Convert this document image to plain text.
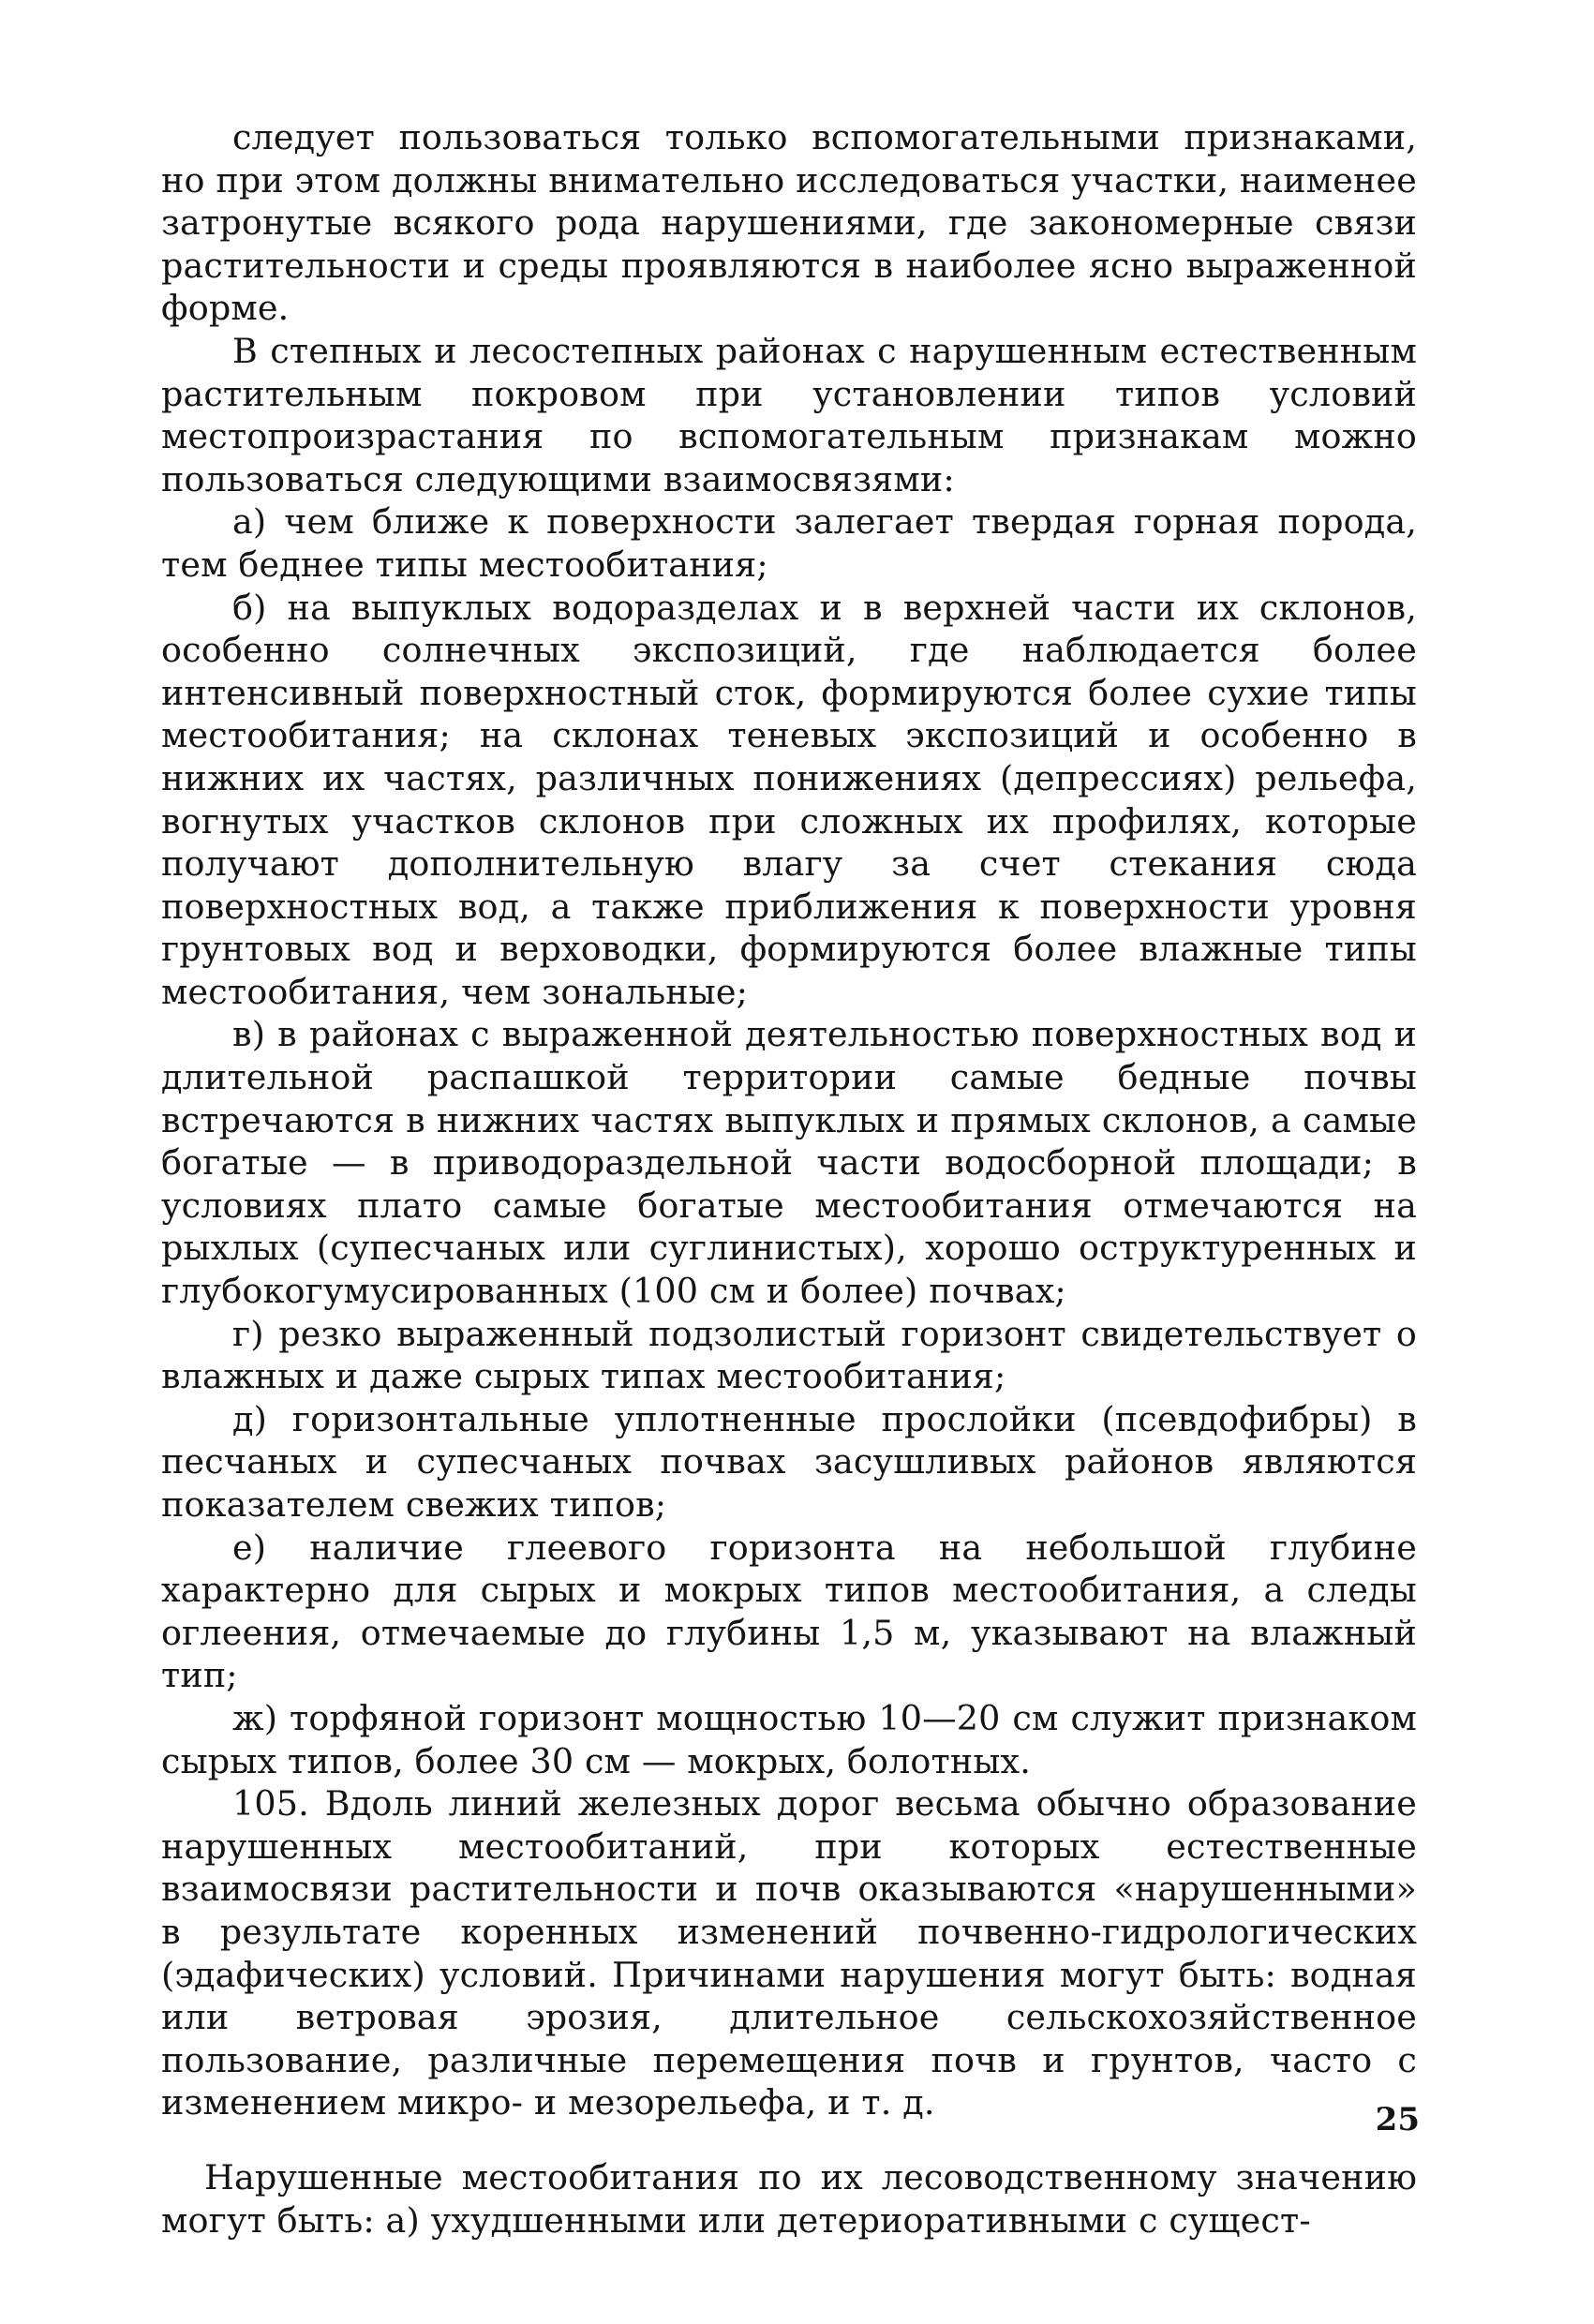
следует пользоваться только вспомогательными признаками, но при этом должны внимательно исследоваться участки, наименее затронутые всякого рода нарушениями, где закономерные связи растительности и среды проявляются в наиболее ясно выраженной форме.

В степных и лесостепных районах с нарушенным естественным растительным покровом при установлении типов условий местопроизрастания по вспомогательным признакам можно пользоваться следующими взаимосвязями:

а) чем ближе к поверхности залегает твердая горная порода, тем беднее типы местообитания;

б) на выпуклых водоразделах и в верхней части их склонов, особенно солнечных экспозиций, где наблюдается более интенсивный поверхностный сток, формируются более сухие типы местообитания; на склонах теневых экспозиций и особенно в нижних их частях, различных понижениях (депрессиях) рельефа, вогнутых участков склонов при сложных их профилях, которые получают дополнительную влагу за счет стекания сюда поверхностных вод, а также приближения к поверхности уровня грунтовых вод и верховодки, формируются более влажные типы местообитания, чем зональные;

в) в районах с выраженной деятельностью поверхностных вод и длительной распашкой территории самые бедные почвы встречаются в нижних частях выпуклых и прямых склонов, а самые богатые — в приводораздельной части водосборной площади; в условиях плато самые богатые местообитания отмечаются на рыхлых (супесчаных или суглинистых), хорошо оструктуренных и глубокогумусированных (100 см и более) почвах;

г) резко выраженный подзолистый горизонт свидетельствует о влажных и даже сырых типах местообитания;

д) горизонтальные уплотненные прослойки (псевдофибры) в песчаных и супесчаных почвах засушливых районов являются показателем свежих типов;

е) наличие глеевого горизонта на небольшой глубине характерно для сырых и мокрых типов местообитания, а следы оглеения, отмечаемые до глубины 1,5 м, указывают на влажный тип;

ж) торфяной горизонт мощностью 10—20 см служит признаком сырых типов, более 30 см — мокрых, болотных.

105. Вдоль линий железных дорог весьма обычно образование нарушенных местообитаний, при которых естественные взаимосвязи растительности и почв оказываются «нарушенными» в результате коренных изменений почвенно-гидрологических (эдафических) условий. Причинами нарушения могут быть: водная или ветровая эрозия, длительное сельскохозяйственное пользование, различные перемещения почв и грунтов, часто с изменением микро- и мезорельефа, и т. д.

Нарушенные местообитания по их лесоводственному значению могут быть: а) ухудшенными или детериоративными с сущест-

25
